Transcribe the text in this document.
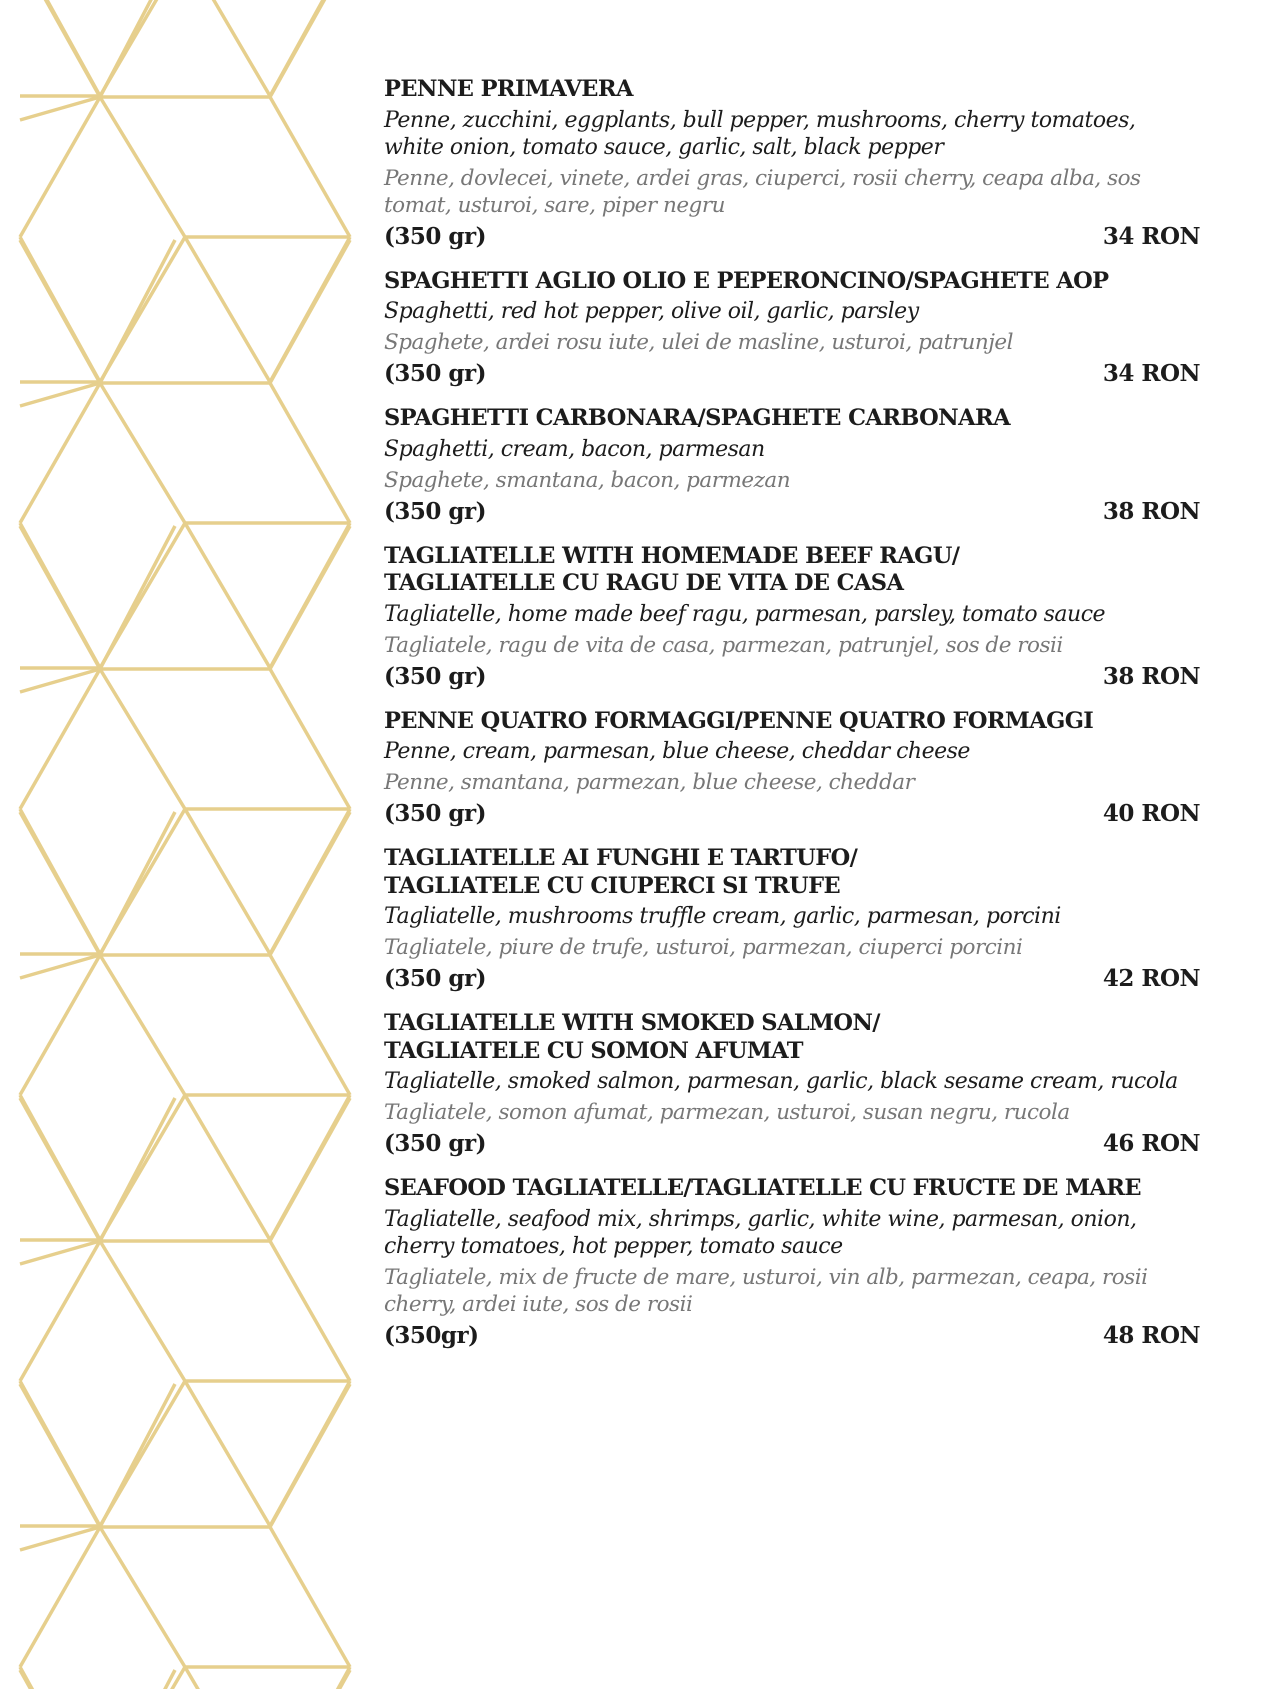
PENNE PRIMAVERA
Penne, zucchini, eggplants, bull pepper, mushrooms, cherry tomatoes, white onion, tomato sauce, garlic, salt, black pepper
Penne, dovlecei, vinete, ardei gras, ciuperci, rosii cherry, ceapa alba, sos tomat, usturoi, sare, piper negru
(350 gr)	34 RON
SPAGHETTI AGLIO OLIO E PEPERONCINO/SPAGHETE AOP
Spaghetti, red hot pepper, olive oil, garlic, parsley
Spaghete, ardei rosu iute, ulei de masline, usturoi, patrunjel
(350 gr)	34 RON
SPAGHETTI CARBONARA/SPAGHETE CARBONARA
Spaghetti, cream, bacon, parmesan
Spaghete, smantana, bacon, parmezan
(350 gr)	38 RON
TAGLIATELLE WITH HOMEMADE BEEF RAGU/
TAGLIATELLE CU RAGU DE VITA DE CASA
Tagliatelle, home made beef ragu, parmesan, parsley, tomato sauce
Tagliatele, ragu de vita de casa, parmezan, patrunjel, sos de rosii
(350 gr)	38 RON
PENNE QUATRO FORMAGGI/PENNE QUATRO FORMAGGI
Penne, cream, parmesan, blue cheese, cheddar cheese
Penne, smantana, parmezan, blue cheese, cheddar
(350 gr)	40 RON
TAGLIATELLE AI FUNGHI E TARTUFO/
TAGLIATELE CU CIUPERCI SI TRUFE
Tagliatelle, mushrooms truffle cream, garlic, parmesan, porcini
Tagliatele, piure de trufe, usturoi, parmezan, ciuperci porcini
(350 gr)	42 RON
TAGLIATELLE WITH SMOKED SALMON/
TAGLIATELE CU SOMON AFUMAT
Tagliatelle, smoked salmon, parmesan, garlic, black sesame cream, rucola
Tagliatele, somon afumat, parmezan, usturoi, susan negru, rucola
(350 gr)	46 RON
SEAFOOD TAGLIATELLE/TAGLIATELLE CU FRUCTE DE MARE
Tagliatelle, seafood mix, shrimps, garlic, white wine, parmesan, onion, cherry tomatoes, hot pepper, tomato sauce
Tagliatele, mix de fructe de mare, usturoi, vin alb, parmezan, ceapa, rosii cherry, ardei iute, sos de rosii
(350gr)	48 RON
